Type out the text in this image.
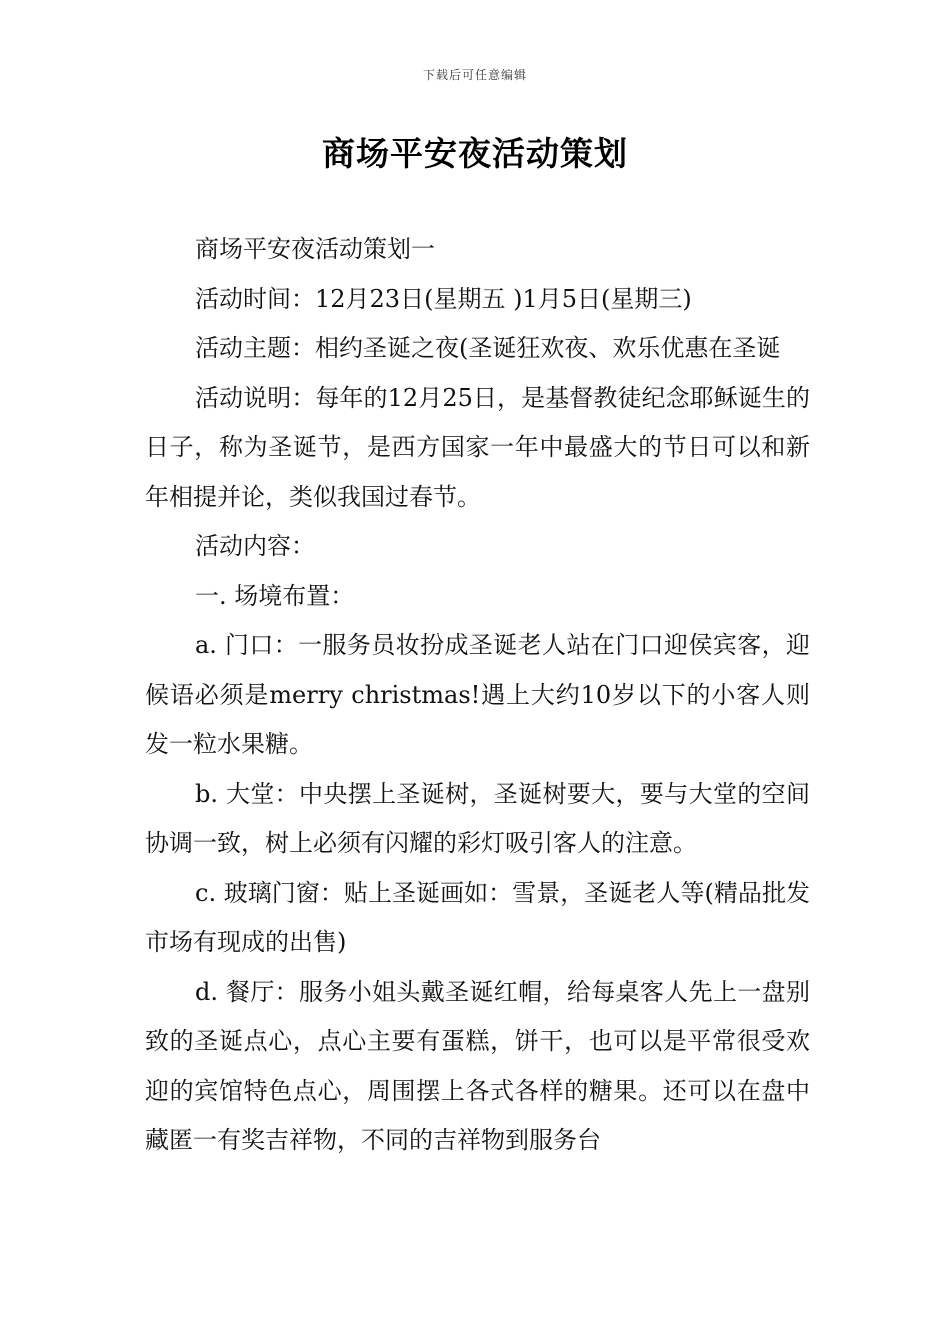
下载后可任意编辑
商场平安夜活动策划

商场平安夜活动策划一

活动时间：12月23日(星期五 )1月5日(星期三)

活动主题：相约圣诞之夜(圣诞狂欢夜、欢乐优惠在圣诞

活动说明：每年的12月25日，是基督教徒纪念耶稣诞生的日子，称为圣诞节，是西方国家一年中最盛大的节日可以和新年相提并论，类似我国过春节。

活动内容：

一. 场境布置：

a. 门口：一服务员妆扮成圣诞老人站在门口迎侯宾客，迎候语必须是merry christmas!遇上大约10岁以下的小客人则发一粒水果糖。

b. 大堂：中央摆上圣诞树，圣诞树要大，要与大堂的空间协调一致，树上必须有闪耀的彩灯吸引客人的注意。

c. 玻璃门窗：贴上圣诞画如：雪景，圣诞老人等(精品批发市场有现成的出售)

d. 餐厅：服务小姐头戴圣诞红帽，给每桌客人先上一盘别致的圣诞点心，点心主要有蛋糕，饼干，也可以是平常很受欢迎的宾馆特色点心，周围摆上各式各样的糖果。还可以在盘中藏匿一有奖吉祥物，不同的吉祥物到服务台
